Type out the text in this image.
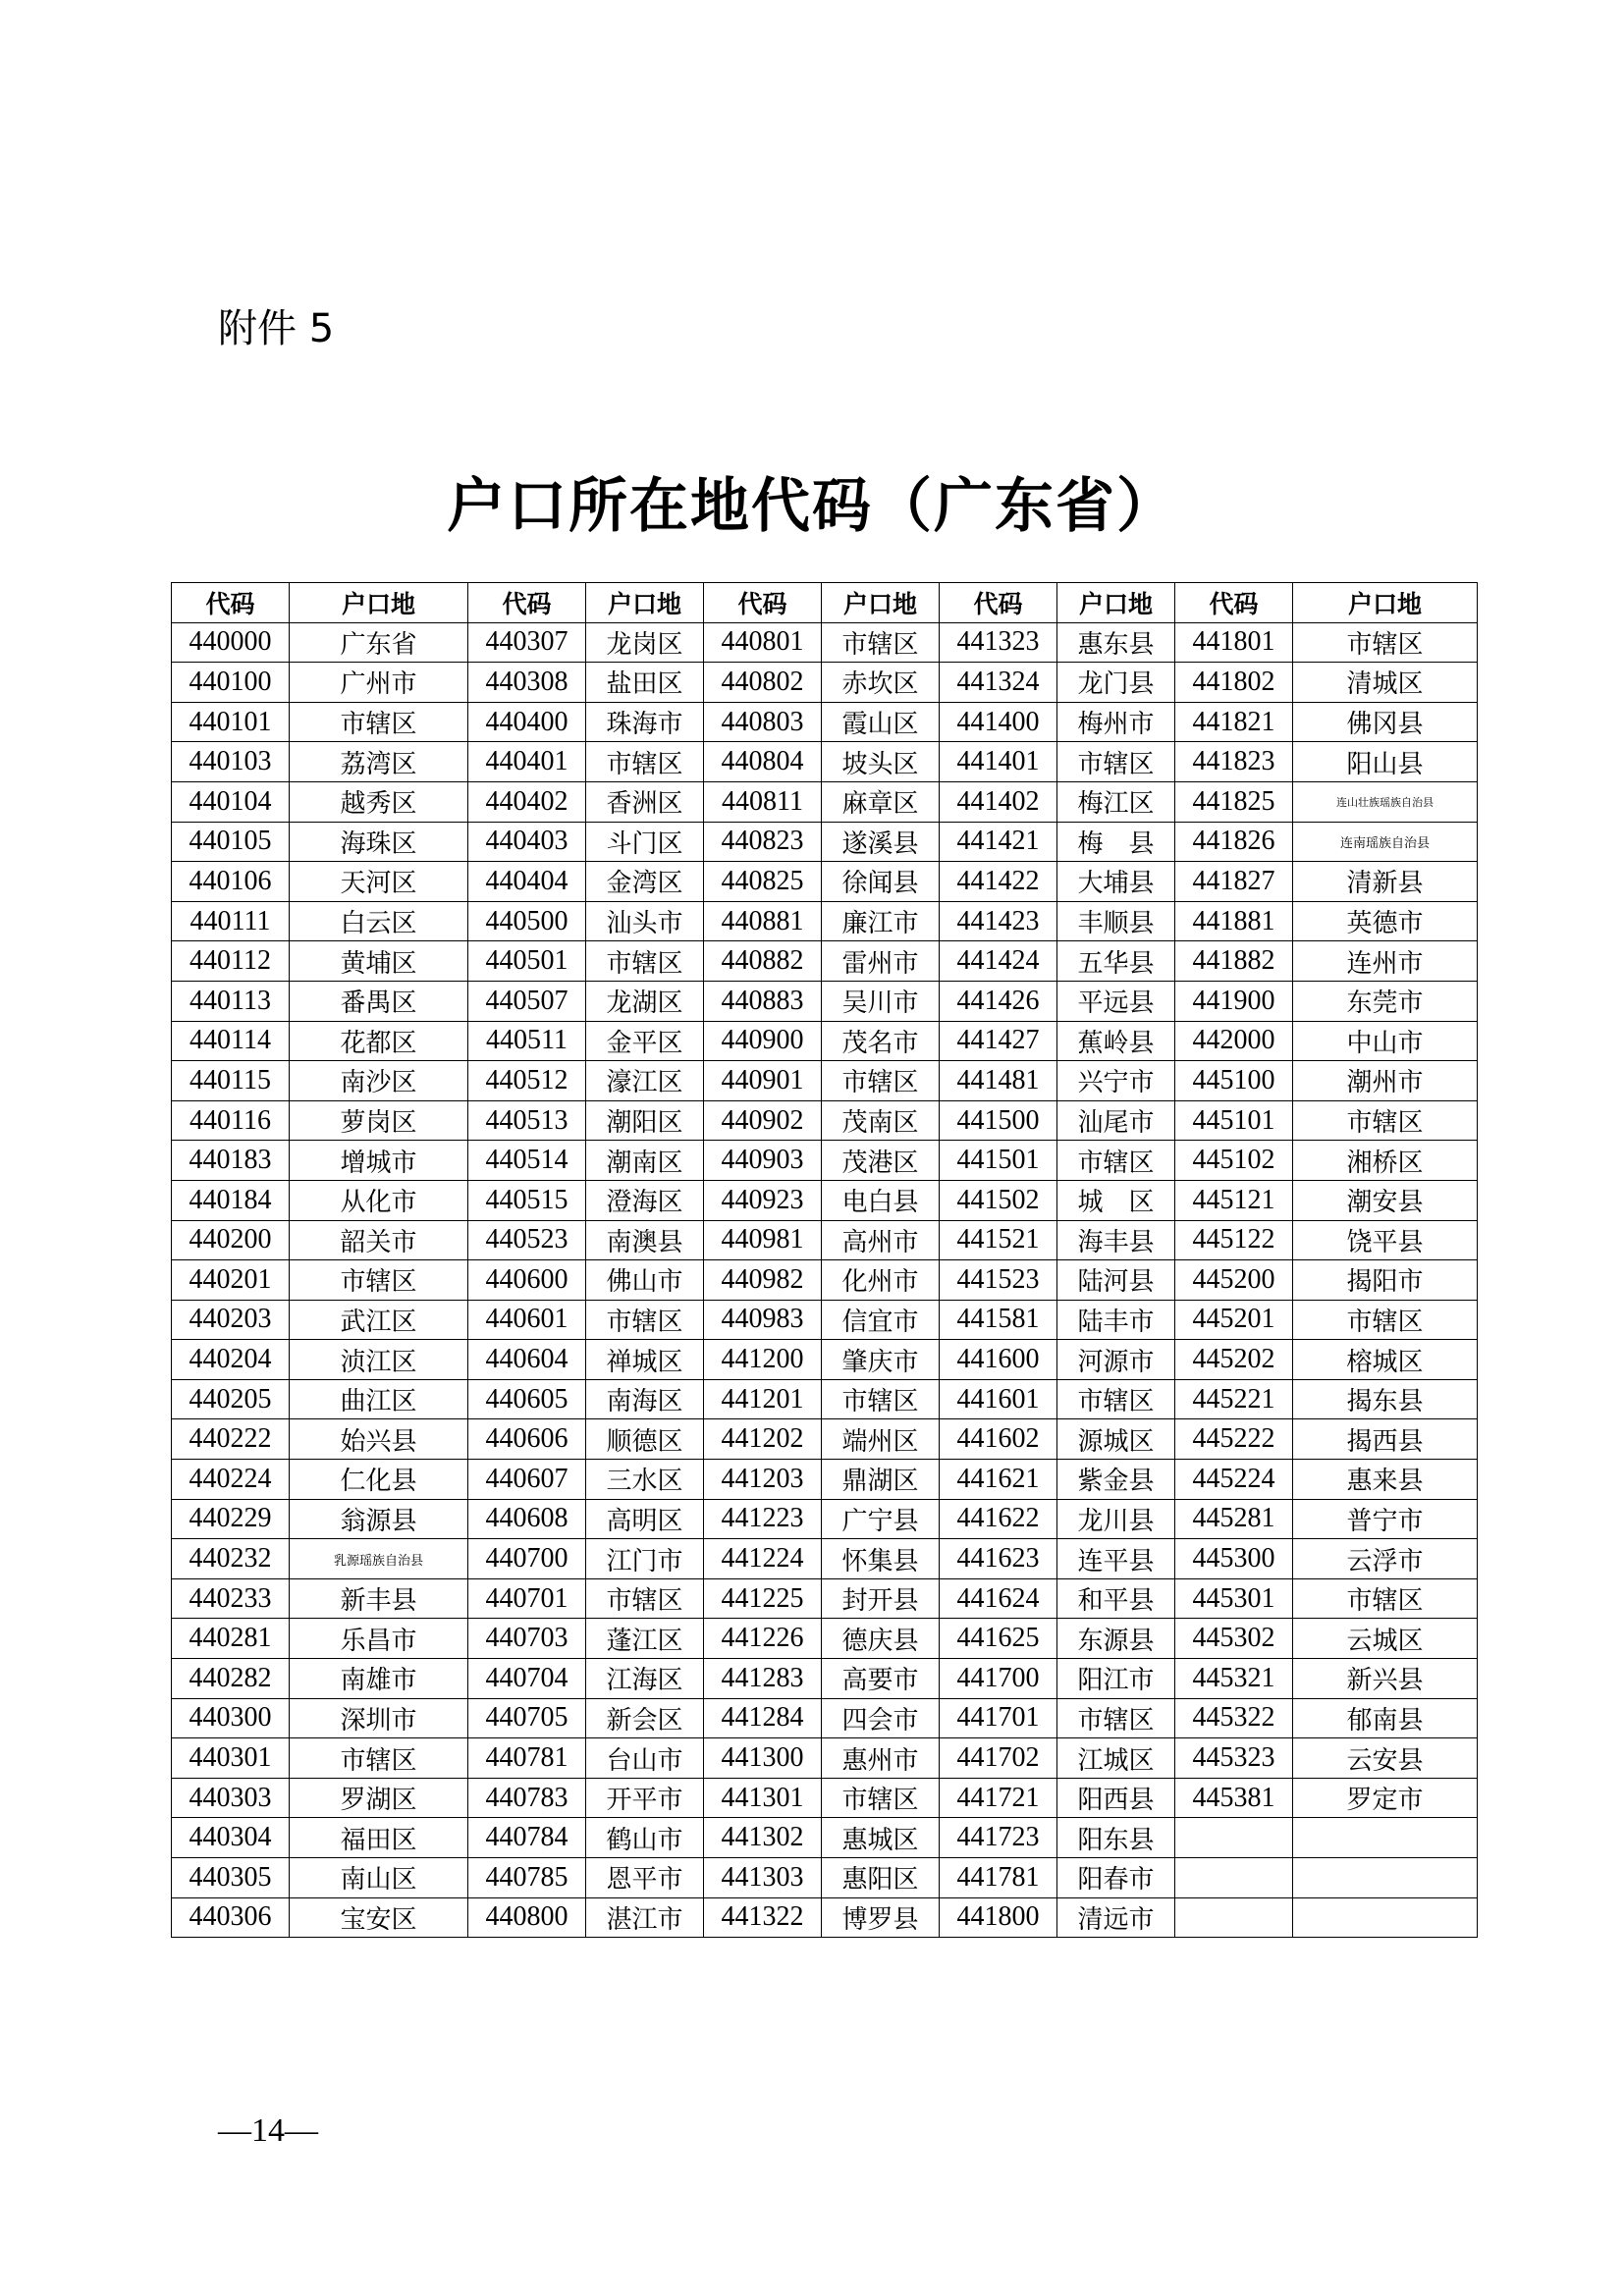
附件 5
户口所在地代码（广东省）
代码	户口地	代码	户口地	代码	户口地	代码	户口地	代码	户口地
440000	广东省	440307	龙岗区	440801	市辖区	441323	惠东县	441801	市辖区
440100	广州市	440308	盐田区	440802	赤坎区	441324	龙门县	441802	清城区
440101	市辖区	440400	珠海市	440803	霞山区	441400	梅州市	441821	佛冈县
440103	荔湾区	440401	市辖区	440804	坡头区	441401	市辖区	441823	阳山县
440104	越秀区	440402	香洲区	440811	麻章区	441402	梅江区	441825	连山壮族瑶族自治县
440105	海珠区	440403	斗门区	440823	遂溪县	441421	梅　县	441826	连南瑶族自治县
440106	天河区	440404	金湾区	440825	徐闻县	441422	大埔县	441827	清新县
440111	白云区	440500	汕头市	440881	廉江市	441423	丰顺县	441881	英德市
440112	黄埔区	440501	市辖区	440882	雷州市	441424	五华县	441882	连州市
440113	番禺区	440507	龙湖区	440883	吴川市	441426	平远县	441900	东莞市
440114	花都区	440511	金平区	440900	茂名市	441427	蕉岭县	442000	中山市
440115	南沙区	440512	濠江区	440901	市辖区	441481	兴宁市	445100	潮州市
440116	萝岗区	440513	潮阳区	440902	茂南区	441500	汕尾市	445101	市辖区
440183	增城市	440514	潮南区	440903	茂港区	441501	市辖区	445102	湘桥区
440184	从化市	440515	澄海区	440923	电白县	441502	城　区	445121	潮安县
440200	韶关市	440523	南澳县	440981	高州市	441521	海丰县	445122	饶平县
440201	市辖区	440600	佛山市	440982	化州市	441523	陆河县	445200	揭阳市
440203	武江区	440601	市辖区	440983	信宜市	441581	陆丰市	445201	市辖区
440204	浈江区	440604	禅城区	441200	肇庆市	441600	河源市	445202	榕城区
440205	曲江区	440605	南海区	441201	市辖区	441601	市辖区	445221	揭东县
440222	始兴县	440606	顺德区	441202	端州区	441602	源城区	445222	揭西县
440224	仁化县	440607	三水区	441203	鼎湖区	441621	紫金县	445224	惠来县
440229	翁源县	440608	高明区	441223	广宁县	441622	龙川县	445281	普宁市
440232	乳源瑶族自治县	440700	江门市	441224	怀集县	441623	连平县	445300	云浮市
440233	新丰县	440701	市辖区	441225	封开县	441624	和平县	445301	市辖区
440281	乐昌市	440703	蓬江区	441226	德庆县	441625	东源县	445302	云城区
440282	南雄市	440704	江海区	441283	高要市	441700	阳江市	445321	新兴县
440300	深圳市	440705	新会区	441284	四会市	441701	市辖区	445322	郁南县
440301	市辖区	440781	台山市	441300	惠州市	441702	江城区	445323	云安县
440303	罗湖区	440783	开平市	441301	市辖区	441721	阳西县	445381	罗定市
440304	福田区	440784	鹤山市	441302	惠城区	441723	阳东县		
440305	南山区	440785	恩平市	441303	惠阳区	441781	阳春市		
440306	宝安区	440800	湛江市	441322	博罗县	441800	清远市		
—14—
